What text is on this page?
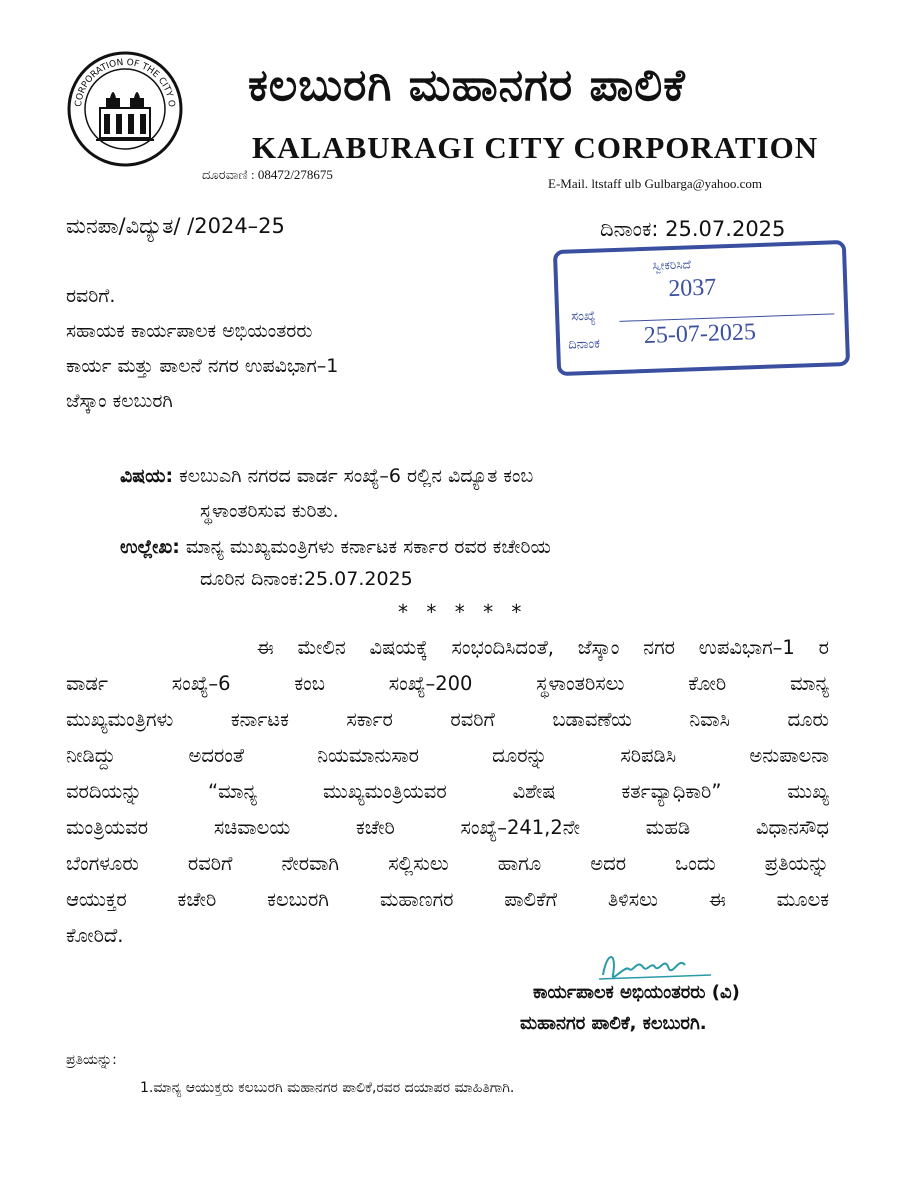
CORPORATION OF THE CITY O ಕಲಬುರಗಿ ಮಹಾನಗರ ಪಾಲಿಕೆ
KALABURAGI CITY CORPORATION
ದೂರವಾಣಿ : 08472/278675
E-Mail. ltstaff ulb Gulbarga@yahoo.com
ಮನಪಾ/ವಿದ್ಯುತ/ /2024–25	ದಿನಾಂಕ: 25.07.2025
ಸ್ವೀಕರಿಸಿದೆ
2037
ಸಂಖ್ಯೆ
ದಿನಾಂಕ 25-07-2025
ರವರಿಗೆ.
ಸಹಾಯಕ ಕಾರ್ಯಪಾಲಕ ಅಭಿಯಂತರರು
ಕಾರ್ಯ ಮತ್ತು ಪಾಲನೆ ನಗರ ಉಪವಿಭಾಗ–1
ಜೆಸ್ಕಾಂ ಕಲಬುರಗಿ
ವಿಷಯ: ಕಲಬುಎಗಿ ನಗರದ ವಾರ್ಡ ಸಂಖ್ಯೆ–6 ರಲ್ಲಿನ ವಿದ್ಯೂತ ಕಂಬ
ಸ್ಥಳಾಂತರಿಸುವ ಕುರಿತು.
ಉಲ್ಲೇಖ: ಮಾನ್ಯ ಮುಖ್ಯಮಂತ್ರಿಗಳು ಕರ್ನಾಟಕ ಸರ್ಕಾರ ರವರ ಕಚೇರಿಯ
ದೂರಿನ ದಿನಾಂಕ:25.07.2025
* * * * *
ಈ ಮೇಲಿನ ವಿಷಯಕ್ಕೆ ಸಂಭಂದಿಸಿದಂತೆ, ಜೆಸ್ಕಾಂ ನಗರ ಉಪವಿಭಾಗ–1 ರ
ವಾರ್ಡ ಸಂಖ್ಯೆ–6 ಕಂಬ ಸಂಖ್ಯೆ–200 ಸ್ಥಳಾಂತರಿಸಲು ಕೋರಿ ಮಾನ್ಯ
ಮುಖ್ಯಮಂತ್ರಿಗಳು ಕರ್ನಾಟಕ ಸರ್ಕಾರ ರವರಿಗೆ ಬಡಾವಣೆಯ ನಿವಾಸಿ ದೂರು
ನೀಡಿದ್ದು ಅದರಂತೆ ನಿಯಮಾನುಸಾರ ದೂರನ್ನು ಸರಿಪಡಿಸಿ ಅನುಪಾಲನಾ
ವರದಿಯನ್ನು “ಮಾನ್ಯ ಮುಖ್ಯಮಂತ್ರಿಯವರ ವಿಶೇಷ ಕರ್ತವ್ಯಾಧಿಕಾರಿ” ಮುಖ್ಯ
ಮಂತ್ರಿಯವರ ಸಚಿವಾಲಯ ಕಚೇರಿ ಸಂಖ್ಯೆ–241,2ನೇ ಮಹಡಿ ವಿಧಾನಸೌಧ
ಬೆಂಗಳೂರು ರವರಿಗೆ ನೇರವಾಗಿ ಸಲ್ಲಿಸುಲು ಹಾಗೂ ಅದರ ಒಂದು ಪ್ರತಿಯನ್ನು
ಆಯುಕ್ತರ ಕಚೇರಿ ಕಲಬುರಗಿ ಮಹಾಣಗರ ಪಾಲಿಕೆಗೆ ತಿಳಿಸಲು ಈ ಮೂಲಕ
ಕೋರಿದೆ.
ಕಾರ್ಯಪಾಲಕ ಅಭಿಯಂತರರು (ವಿ)
ಮಹಾನಗರ ಪಾಲಿಕೆ, ಕಲಬುರಗಿ.
ಪ್ರತಿಯನ್ನು:
1.ಮಾನ್ಯ ಆಯುಕ್ತರು ಕಲಬುರಗಿ ಮಹಾನಗರ ಪಾಲಿಕೆ,ರವರ ದಯಾಪರ ಮಾಹಿತಿಗಾಗಿ.
